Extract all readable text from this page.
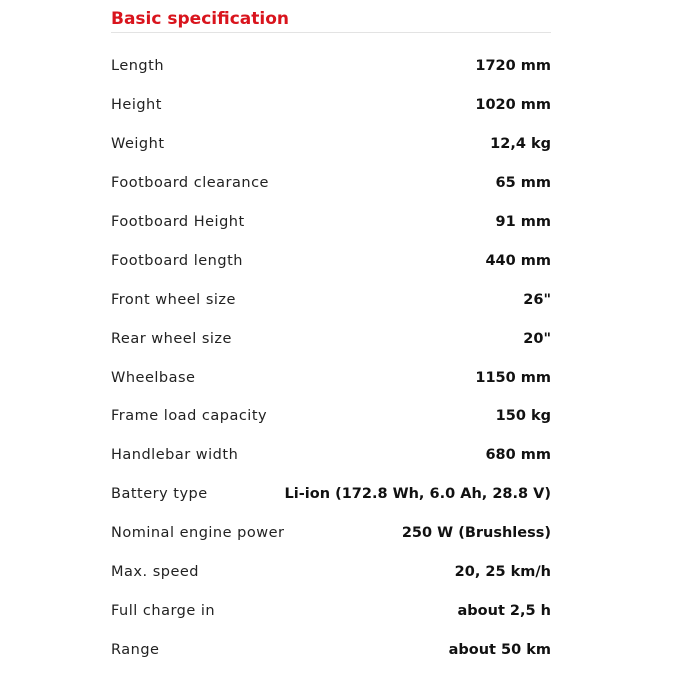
Basic specification
Length	1720 mm
Height	1020 mm
Weight	12,4 kg
Footboard clearance	65 mm
Footboard Height	91 mm
Footboard length	440 mm
Front wheel size	26"
Rear wheel size	20"
Wheelbase	1150 mm
Frame load capacity	150 kg
Handlebar width	680 mm
Battery type	Li-ion (172.8 Wh, 6.0 Ah, 28.8 V)
Nominal engine power	250 W (Brushless)
Max. speed	20, 25 km/h
Full charge in	about 2,5 h
Range	about 50 km
